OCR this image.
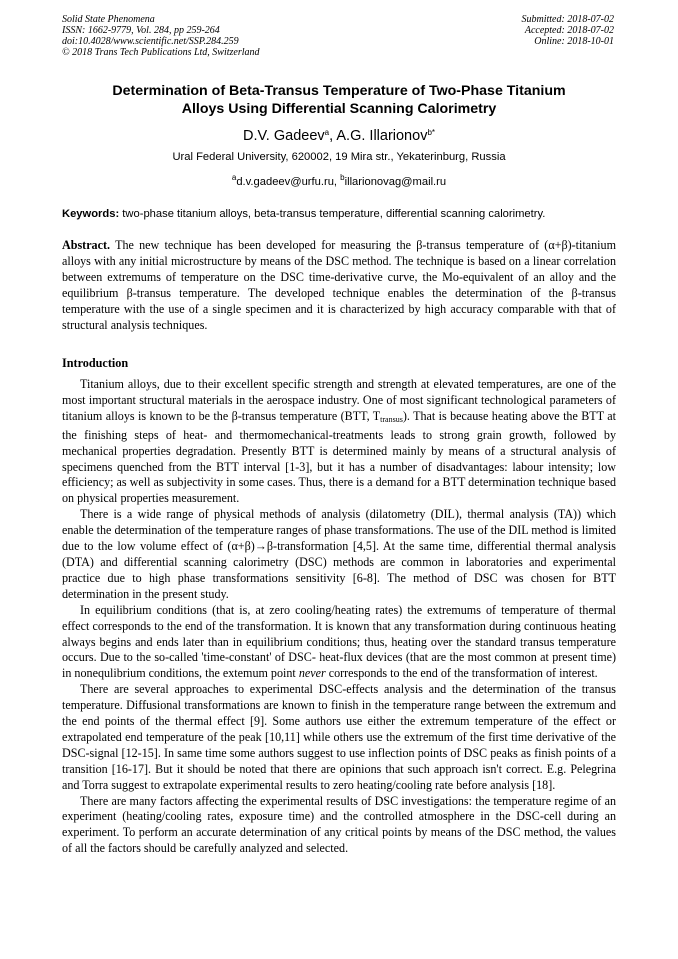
Solid State Phenomena
ISSN: 1662-9779, Vol. 284, pp 259-264
doi:10.4028/www.scientific.net/SSP.284.259
© 2018 Trans Tech Publications Ltd, Switzerland
Submitted: 2018-07-02
Accepted: 2018-07-02
Online: 2018-10-01
Determination of Beta-Transus Temperature of Two-Phase Titanium
Alloys Using Differential Scanning Calorimetry
D.V. Gadeev$^a$, A.G. Illarionov$^{b*}$
Ural Federal University, 620002, 19 Mira str., Yekaterinburg, Russia
$^a$d.v.gadeev@urfu.ru, $^b$illarionovag@mail.ru
Keywords: two-phase titanium alloys, beta-transus temperature, differential scanning calorimetry.
Abstract. The new technique has been developed for measuring the β-transus temperature of (α+β)-titanium alloys with any initial microstructure by means of the DSC method. The technique is based on a linear correlation between extremums of temperature on the DSC time-derivative curve, the Mo-equivalent of an alloy and the equilibrium β-transus temperature. The developed technique enables the determination of the β-transus temperature with the use of a single specimen and it is characterized by high accuracy comparable with that of structural analysis techniques.
Introduction

Titanium alloys, due to their excellent specific strength and strength at elevated temperatures, are one of the most important structural materials in the aerospace industry. One of most significant technological parameters of titanium alloys is known to be the β-transus temperature (BTT, $T_{transus}$). That is because heating above the BTT at the finishing steps of heat- and thermomechanical-treatments leads to strong grain growth, followed by mechanical properties degradation. Presently BTT is determined mainly by means of a structural analysis of specimens quenched from the BTT interval [1-3], but it has a number of disadvantages: labour intensity; low efficiency; as well as subjectivity in some cases. Thus, there is a demand for a BTT determination technique based on physical properties measurement.

There is a wide range of physical methods of analysis (dilatometry (DIL), thermal analysis (TA)) which enable the determination of the temperature ranges of phase transformations. The use of the DIL method is limited due to the low volume effect of (α+β)→β-transformation [4,5]. At the same time, differential thermal analysis (DTA) and differential scanning calorimetry (DSC) methods are common in laboratories and experimental practice due to high phase transformations sensitivity [6-8]. The method of DSC was chosen for BTT determination in the present study.

In equilibrium conditions (that is, at zero cooling/heating rates) the extremums of temperature of thermal effect corresponds to the end of the transformation. It is known that any transformation during continuous heating always begins and ends later than in equilibrium conditions; thus, heating over the standard transus temperature occurs. Due to the so-called 'time-constant' of DSC- heat-flux devices (that are the most common at present time) in nonequlibrium conditions, the extemum point never corresponds to the end of the transformation of interest.

There are several approaches to experimental DSC-effects analysis and the determination of the transus temperature. Diffusional transformations are known to finish in the temperature range between the extremum and the end points of the thermal effect [9]. Some authors use either the extremum temperature of the effect or extrapolated end temperature of the peak [10,11] while others use the extremum of the first time derivative of the DSC-signal [12-15]. In same time some authors suggest to use inflection points of DSC peaks as finish points of a transition [16-17]. But it should be noted that there are opinions that such approach isn't correct. E.g. Pelegrina and Torra suggest to extrapolate experimental results to zero heating/cooling rate before analysis [18].

There are many factors affecting the experimental results of DSC investigations: the temperature regime of an experiment (heating/cooling rates, exposure time) and the controlled atmosphere in the DSC-cell during an experiment. To perform an accurate determination of any critical points by means of the DSC method, the values of all the factors should be carefully analyzed and selected.
